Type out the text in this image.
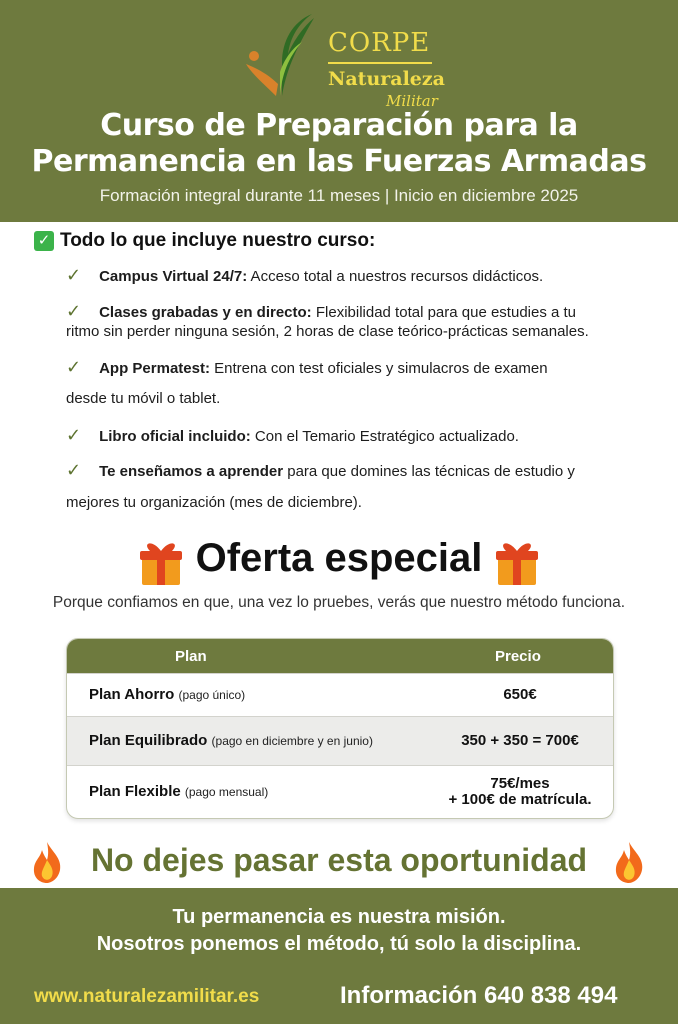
CORPE
Naturaleza
Militar
Curso de Preparación para la
Permanencia en las Fuerzas Armadas
Formación integral durante 11 meses | Inicio en diciembre 2025
✓ Todo lo que incluye nuestro curso:
✓ Campus Virtual 24/7: Acceso total a nuestros recursos didácticos.
✓ Clases grabadas y en directo: Flexibilidad total para que estudies a tu
ritmo sin perder ninguna sesión, 2 horas de clase teórico-prácticas semanales.
✓ App Permatest: Entrena con test oficiales y simulacros de examen
desde tu móvil o tablet.
✓ Libro oficial incluido: Con el Temario Estratégico actualizado.
✓ Te enseñamos a aprender para que domines las técnicas de estudio y
mejores tu organización (mes de diciembre).
Oferta especial
Porque confiamos en que, una vez lo pruebes, verás que nuestro método funciona.
Plan	Precio
Plan Ahorro (pago único)	650€
Plan Equilibrado (pago en diciembre y en junio)	350 + 350 = 700€
Plan Flexible (pago mensual)	75€/mes
+ 100€ de matrícula.
No dejes pasar esta oportunidad
Tu permanencia es nuestra misión.
Nosotros ponemos el método, tú solo la disciplina.
www.naturalezamilitar.es	Información 640 838 494
